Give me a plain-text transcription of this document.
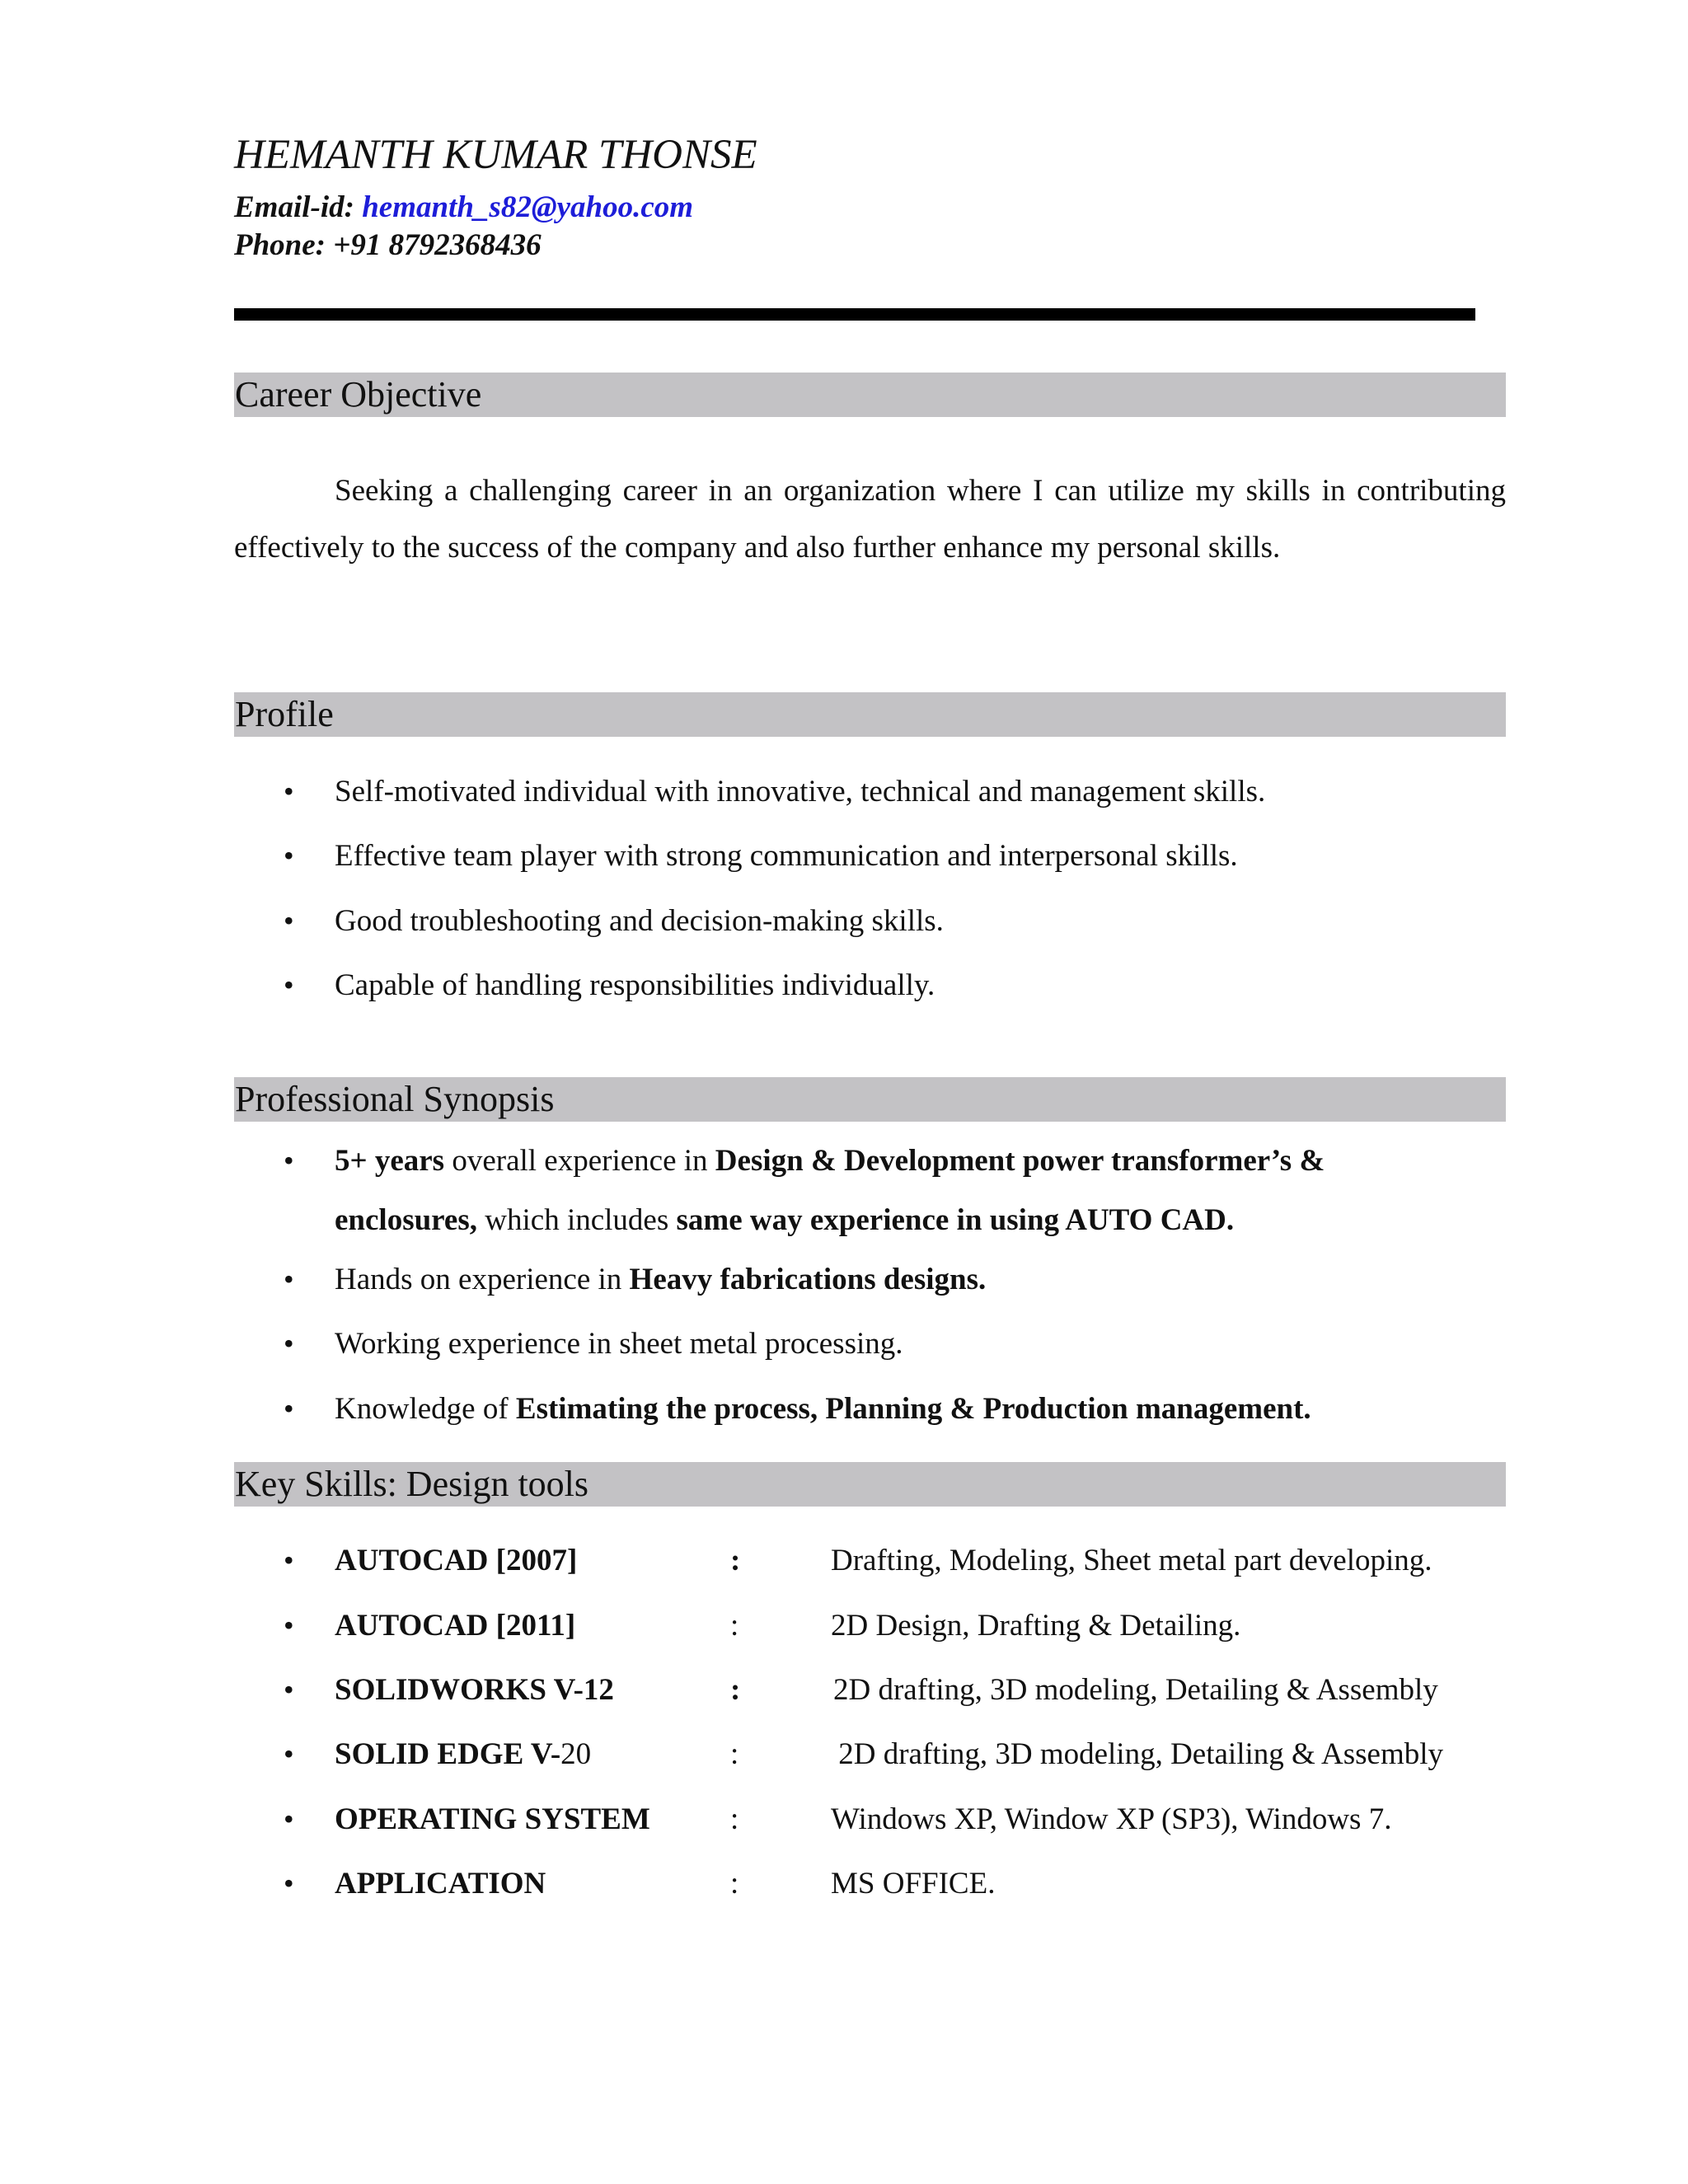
HEMANTH KUMAR THONSE
Email-id: hemanth_s82@yahoo.com
Phone: +91 8792368436
Career Objective
Seeking a challenging career in an organization where I can utilize my skills in contributing effectively to the success of the company and also further enhance my personal skills.
Profile
• Self-motivated individual with innovative, technical and management skills.
• Effective team player with strong communication and interpersonal skills.
• Good troubleshooting and decision-making skills.
• Capable of handling responsibilities individually.
Professional Synopsis
• 5+ years overall experience in Design & Development power transformer’s &
enclosures, which includes same way experience in using AUTO CAD.
• Hands on experience in Heavy fabrications designs.
• Working experience in sheet metal processing.
• Knowledge of Estimating the process, Planning & Production management.
Key Skills: Design tools
• AUTOCAD [2007]	:	Drafting, Modeling, Sheet metal part developing.
• AUTOCAD [2011]	:	2D Design, Drafting & Detailing.
• SOLIDWORKS V-12	:	2D drafting, 3D modeling, Detailing & Assembly
• SOLID EDGE V-20	:	2D drafting, 3D modeling, Detailing & Assembly
• OPERATING SYSTEM	:	Windows XP, Window XP (SP3), Windows 7.
• APPLICATION	:	MS OFFICE.
